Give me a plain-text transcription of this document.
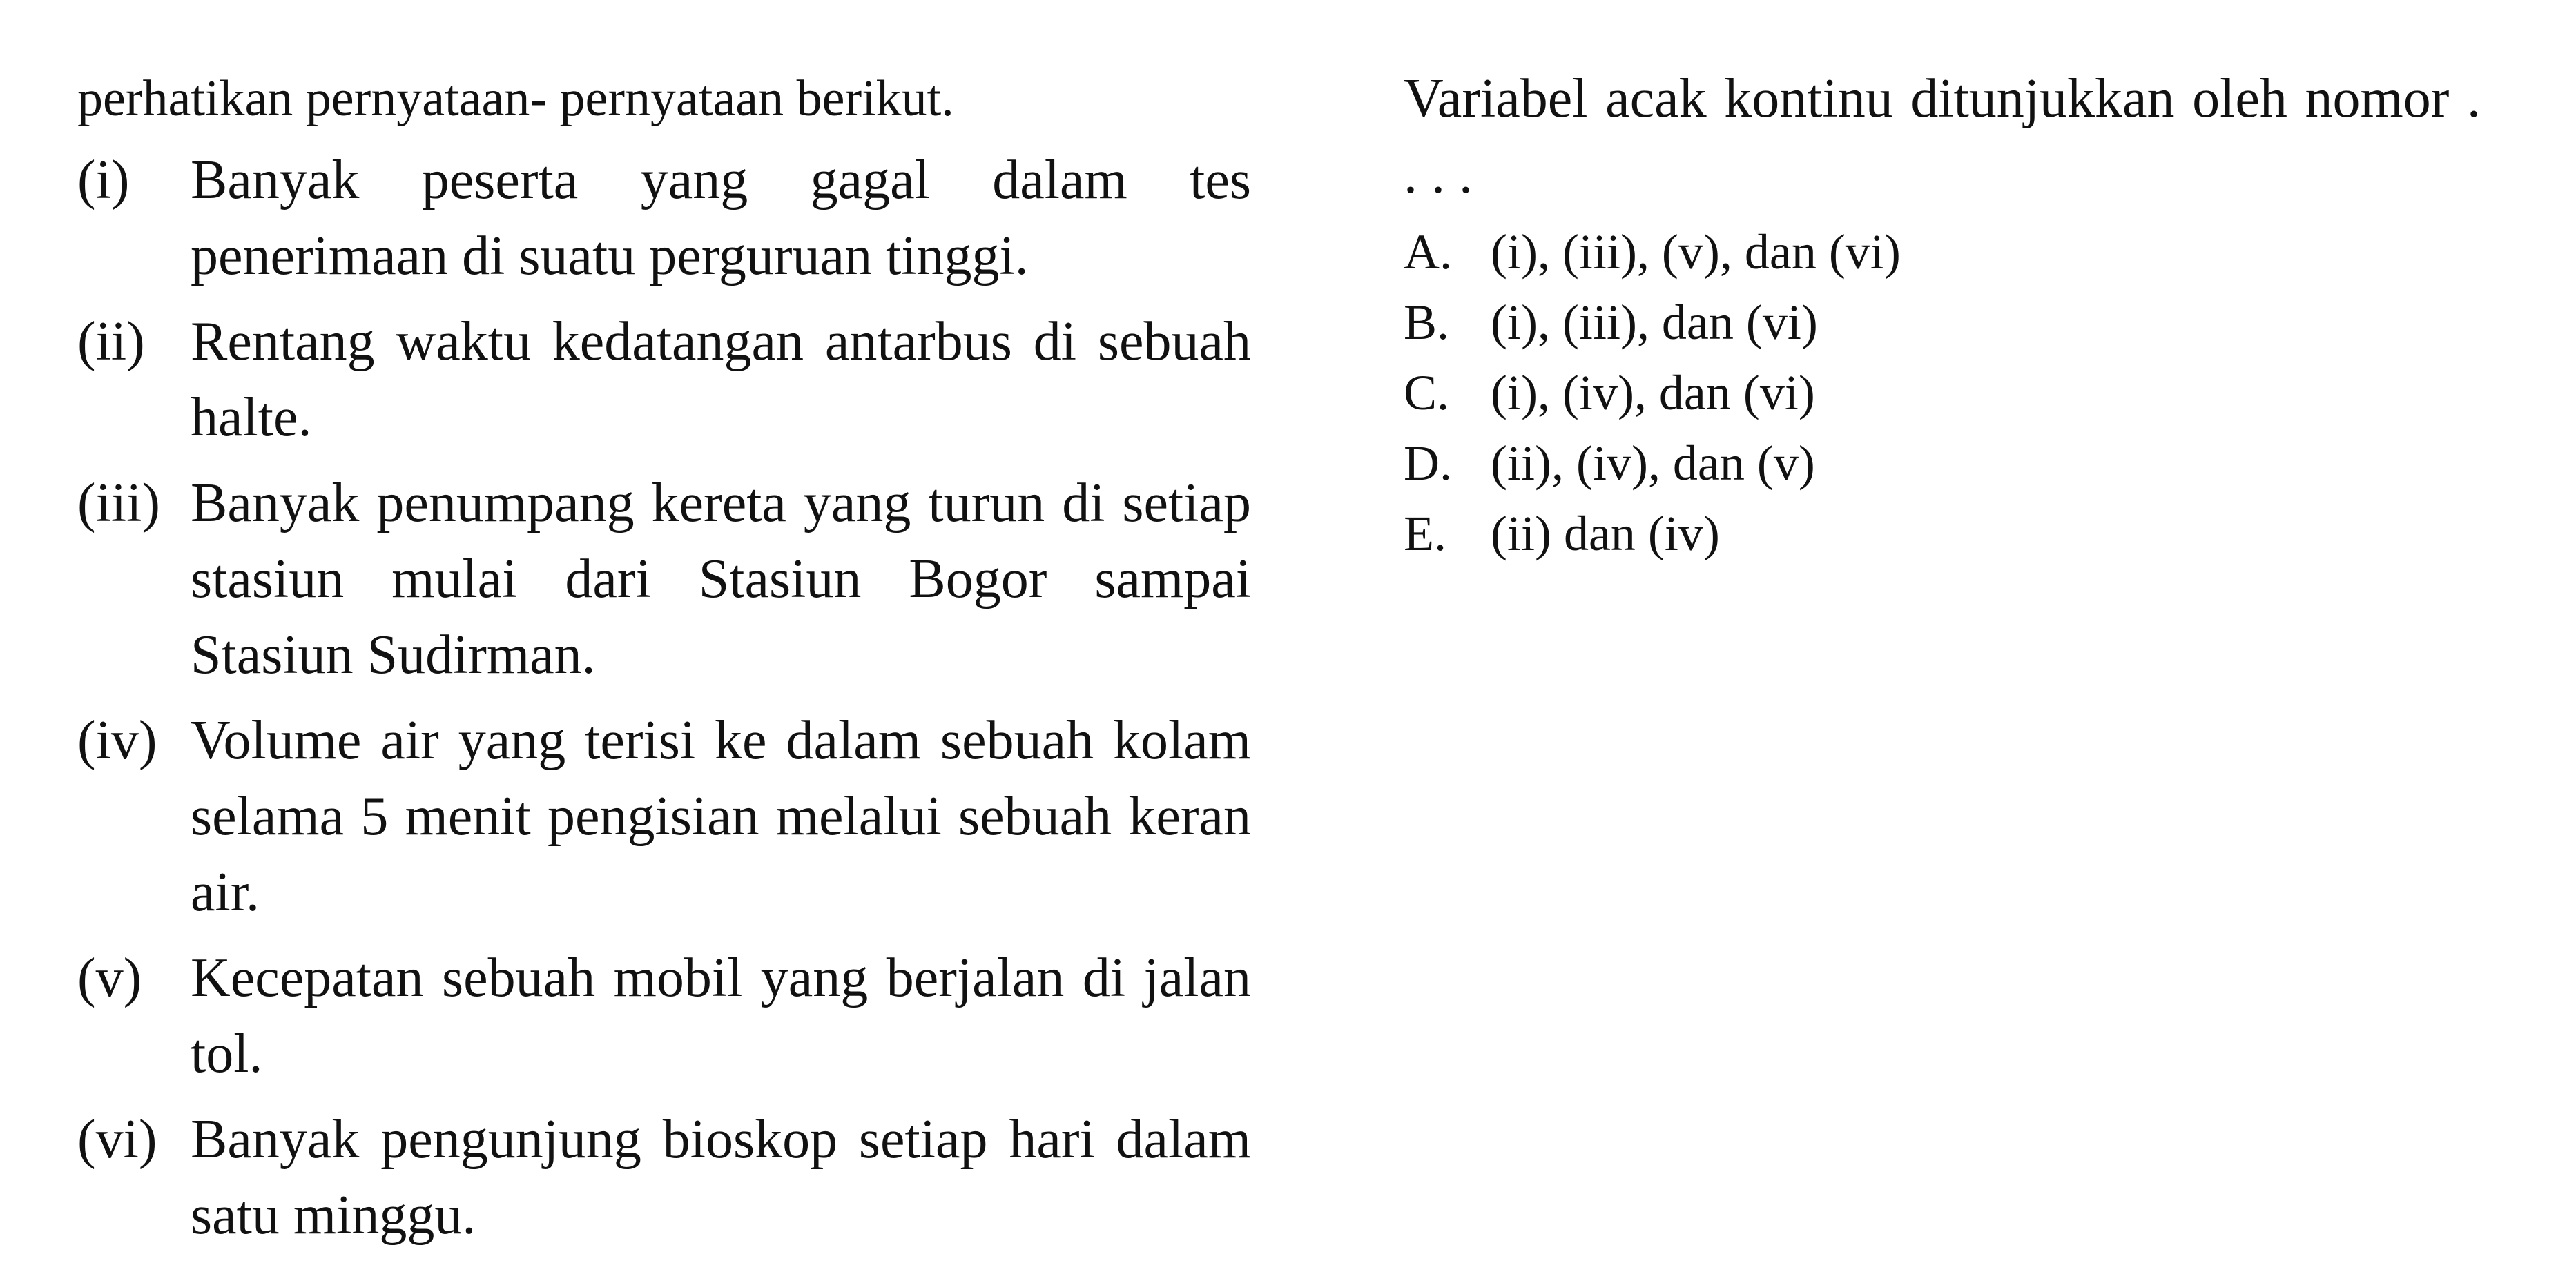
perhatikan pernyataan- pernyataan berikut.

(i)	Banyak peserta yang gagal dalam tes penerimaan di suatu perguruan tinggi.
(ii) Rentang waktu kedatangan antarbus di sebuah halte.
(iii) Banyak penumpang kereta yang turun di setiap stasiun mulai dari Stasiun Bogor sampai Stasiun Sudirman.
(iv) Volume air yang terisi ke dalam sebuah kolam selama 5 menit pengisian melalui sebuah keran air.
(v) Kecepatan sebuah mobil yang berjalan di jalan tol.
(vi) Banyak pengunjung bioskop setiap hari dalam satu minggu.

Variabel acak kontinu ditunjukkan oleh nomor . . . .

A. (i), (iii), (v), dan (vi)
B. (i), (iii), dan (vi)
C. (i), (iv), dan (vi)
D. (ii), (iv), dan (v)
E. (ii) dan (iv)
